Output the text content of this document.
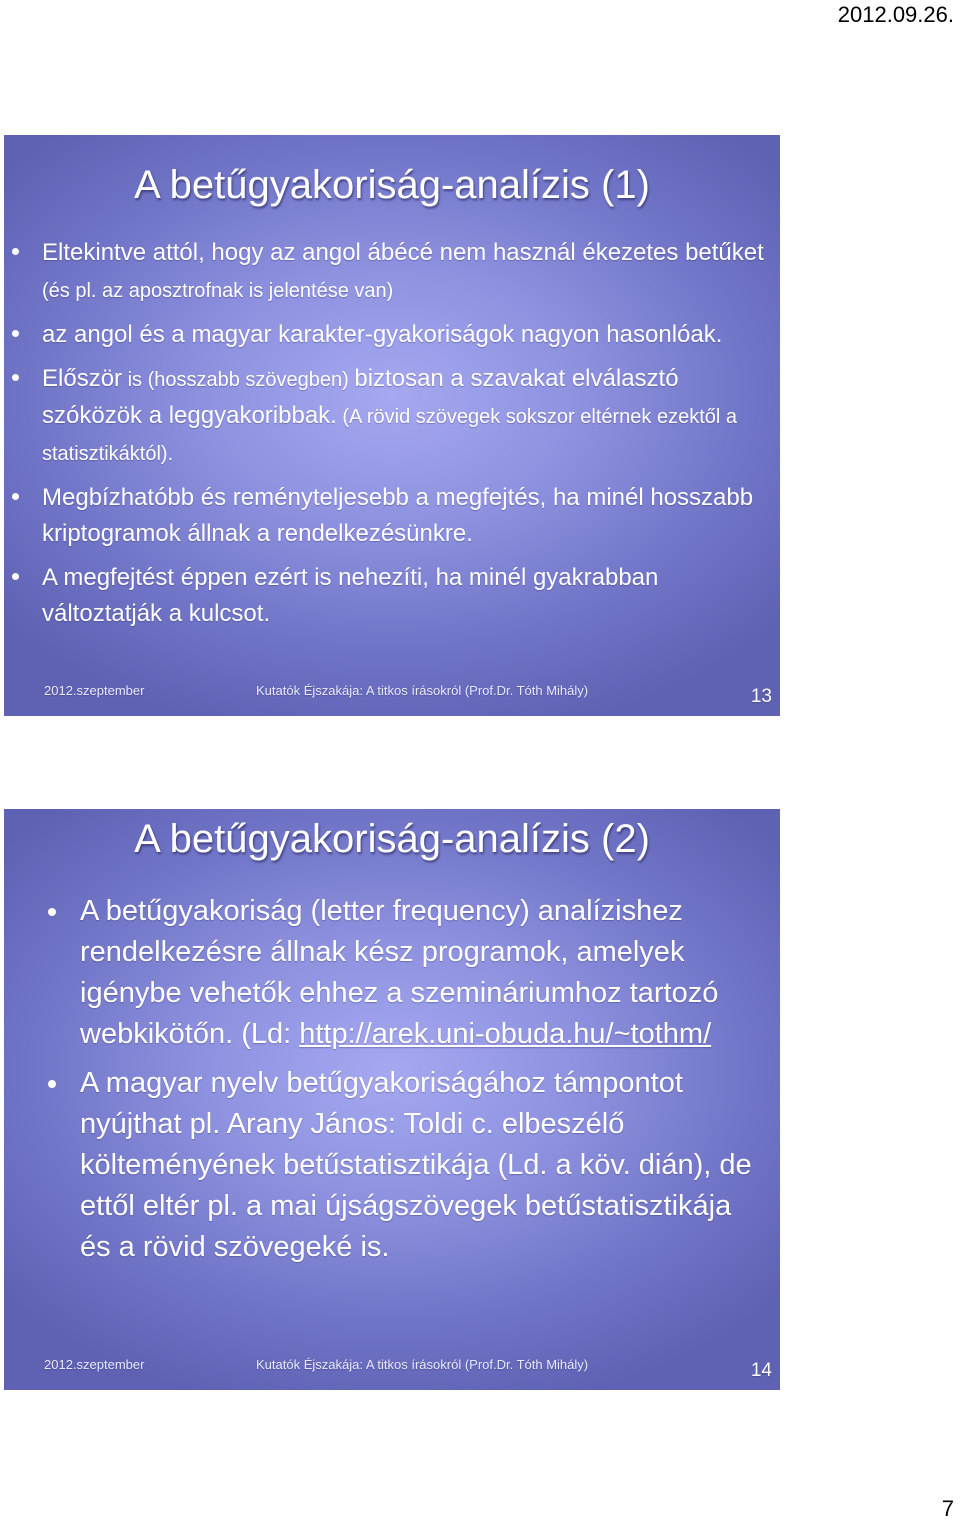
2012.09.26.
A betűgyakoriság-analízis (1)
Eltekintve attól, hogy az angol ábécé nem használ ékezetes betűket (és pl. az aposztrofnak is jelentése van)
az angol és a magyar karakter-gyakoriságok nagyon hasonlóak.
Először is (hosszabb szövegben) biztosan a szavakat elválasztó szóközök a leggyakoribbak. (A rövid szövegek sokszor eltérnek ezektől a statisztikáktól).
Megbízhatóbb és reményteljesebb a megfejtés, ha minél hosszabb kriptogramok állnak a rendelkezésünkre.
A megfejtést éppen ezért is nehezíti, ha minél gyakrabban változtatják a kulcsot.
2012.szeptember	Kutatók Éjszakája: A titkos írásokról (Prof.Dr. Tóth Mihály)	13
A betűgyakoriság-analízis (2)
A betűgyakoriság (letter frequency) analízishez rendelkezésre állnak kész programok, amelyek igénybe vehetők ehhez a szemináriumhoz tartozó webkikötőn. (Ld: http://arek.uni-obuda.hu/~tothm/
A magyar nyelv betűgyakoriságához támpontot nyújthat pl. Arany János: Toldi c. elbeszélő költeményének betűstatisztikája (Ld. a köv. dián), de ettől eltér pl. a mai újságszövegek betűstatisztikája és a rövid szövegeké is.
2012.szeptember	Kutatók Éjszakája: A titkos írásokról (Prof.Dr. Tóth Mihály)	14
7
